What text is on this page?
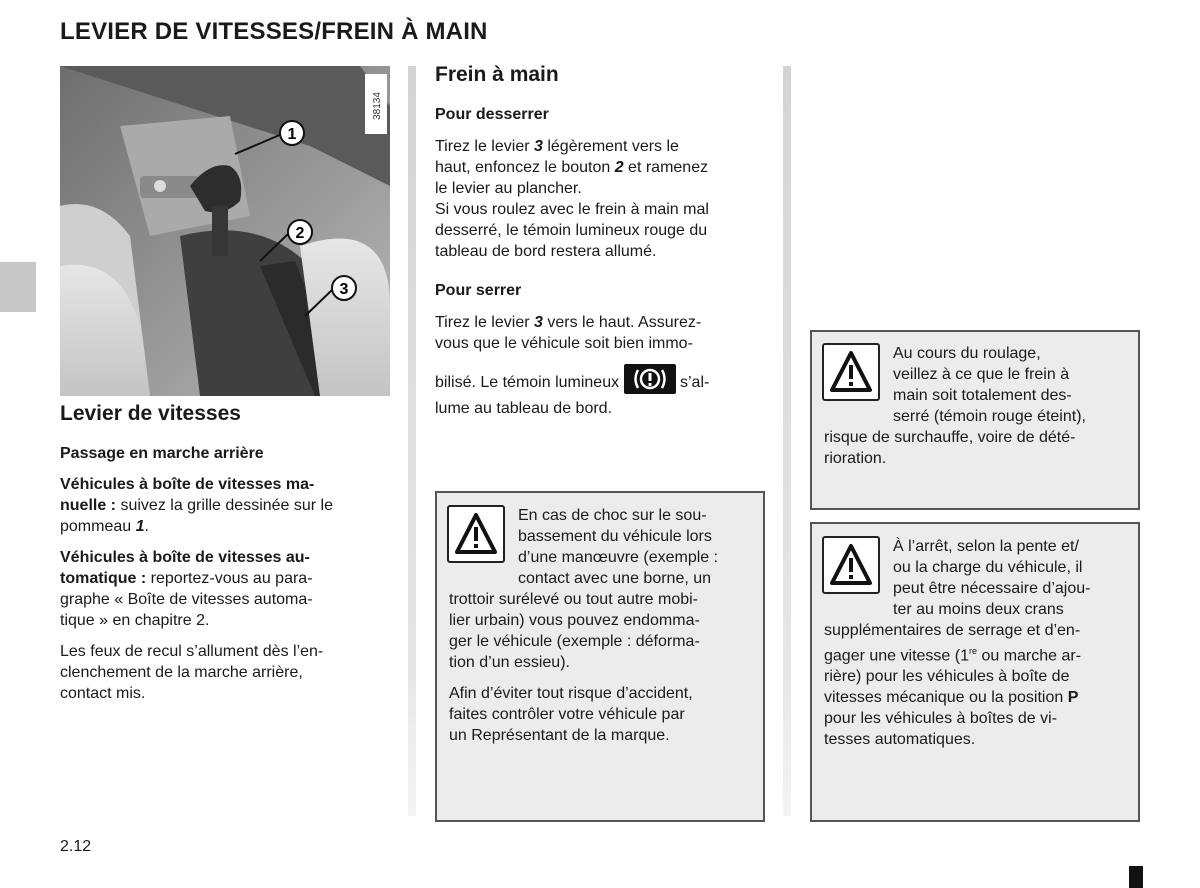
LEVIER DE VITESSES/FREIN À MAIN
38134
1
2
3
Levier de vitesses
Passage en marche arrière
Véhicules à boîte de vitesses ma-
nuelle : suivez la grille dessinée sur le
pommeau 1.
Véhicules à boîte de vitesses au-
tomatique : reportez-vous au para-
graphe « Boîte de vitesses automa-
tique » en chapitre 2.
Les feux de recul s’allument dès l’en-
clenchement de la marche arrière,
contact mis.
Frein à main
Pour desserrer
Tirez le levier 3 légèrement vers le
haut, enfoncez le bouton 2 et ramenez
le levier au plancher.
Si vous roulez avec le frein à main mal
desserré, le témoin lumineux rouge du
tableau de bord restera allumé.
Pour serrer
Tirez le levier 3 vers le haut. Assurez-
vous que le véhicule soit bien immo-
bilisé. Le témoin lumineux	s’al-
lume au tableau de bord.
En cas de choc sur le sou-
bassement du véhicule lors
d’une manœuvre (exemple :
contact avec une borne, un
trottoir surélevé ou tout autre mobi-
lier urbain) vous pouvez endomma-
ger le véhicule (exemple : déforma-
tion d’un essieu).
Afin d’éviter tout risque d’accident,
faites contrôler votre véhicule par
un Représentant de la marque.
Au cours du roulage,
veillez à ce que le frein à
main soit totalement des-
serré (témoin rouge éteint),
risque de surchauffe, voire de dété-
rioration.
À l’arrêt, selon la pente et/
ou la charge du véhicule, il
peut être nécessaire d’ajou-
ter au moins deux crans
supplémentaires de serrage et d’en-
gager une vitesse (1re ou marche ar-
rière) pour les véhicules à boîte de
vitesses mécanique ou la position P
pour les véhicules à boîtes de vi-
tesses automatiques.
2.12
